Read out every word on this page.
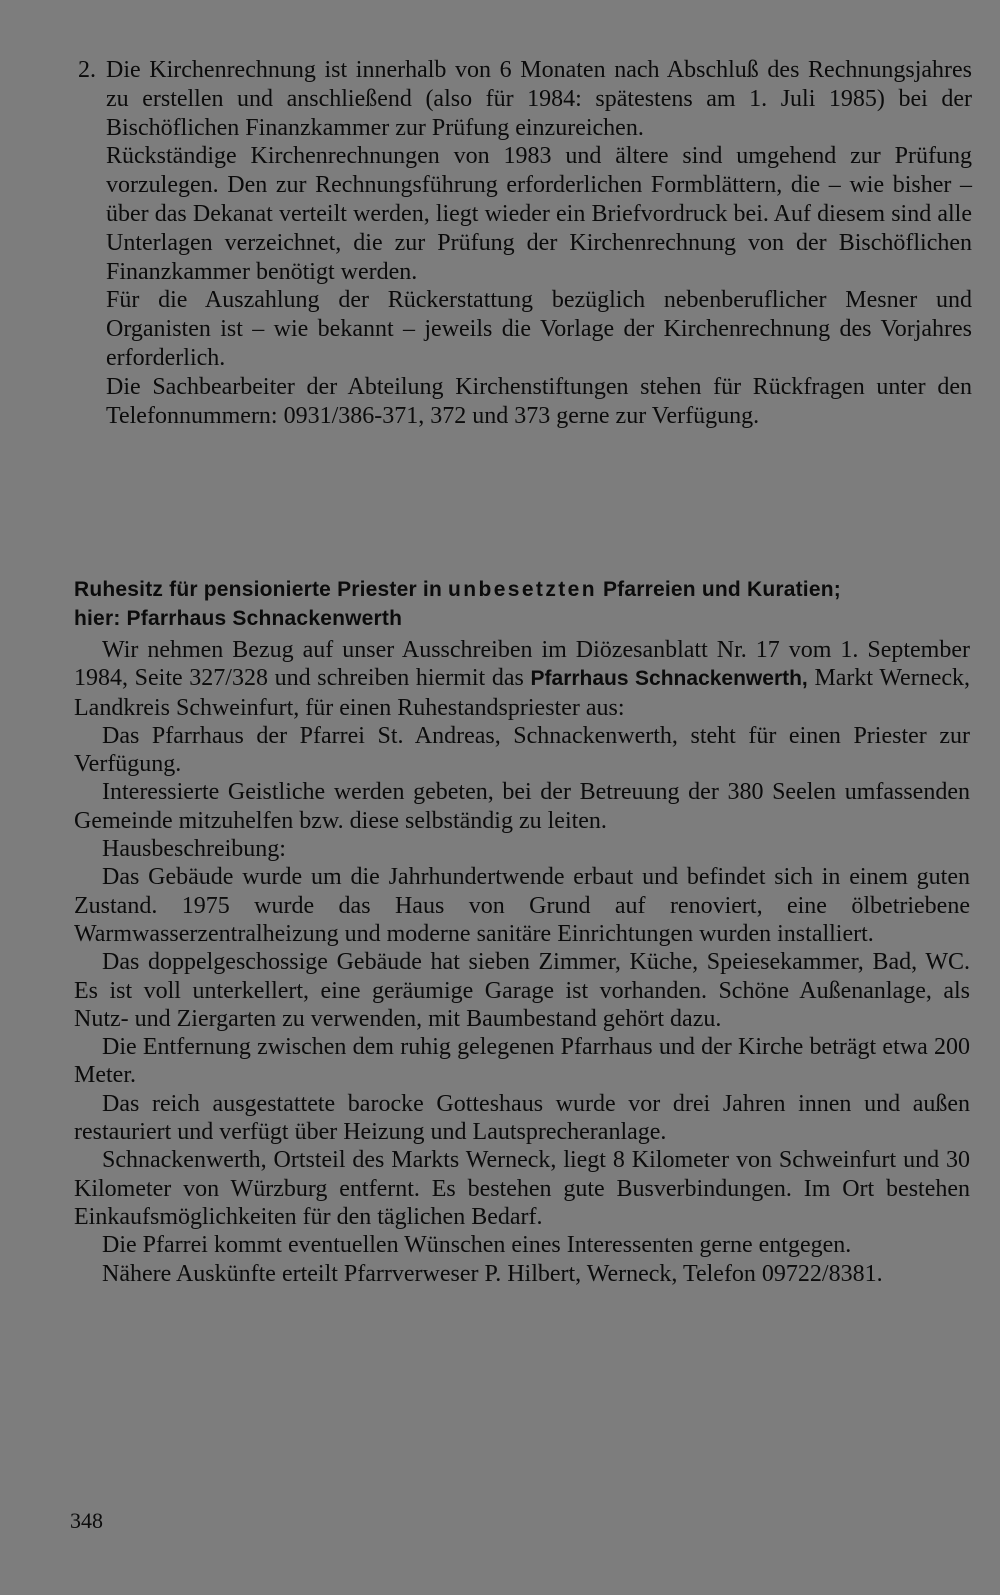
2. Die Kirchenrechnung ist innerhalb von 6 Monaten nach Abschluß des Rechnungsjahres zu erstellen und anschließend (also für 1984: spätestens am 1. Juli 1985) bei der Bischöflichen Finanzkammer zur Prüfung einzureichen.

Rückständige Kirchenrechnungen von 1983 und ältere sind umgehend zur Prüfung vorzulegen. Den zur Rechnungsführung erforderlichen Formblättern, die – wie bisher – über das Dekanat verteilt werden, liegt wieder ein Briefvordruck bei. Auf diesem sind alle Unterlagen verzeichnet, die zur Prüfung der Kirchenrechnung von der Bischöflichen Finanzkammer benötigt werden.

Für die Auszahlung der Rückerstattung bezüglich nebenberuflicher Mesner und Organisten ist – wie bekannt – jeweils die Vorlage der Kirchenrechnung des Vorjahres erforderlich.

Die Sachbearbeiter der Abteilung Kirchenstiftungen stehen für Rückfragen unter den Telefonnummern: 0931/386-371, 372 und 373 gerne zur Verfügung.

Ruhesitz für pensionierte Priester in unbesetzten Pfarreien und Kuratien;

hier: Pfarrhaus Schnackenwerth

Wir nehmen Bezug auf unser Ausschreiben im Diözesanblatt Nr. 17 vom 1. September 1984, Seite 327/328 und schreiben hiermit das Pfarrhaus Schnackenwerth, Markt Werneck, Landkreis Schweinfurt, für einen Ruhestandspriester aus:

Das Pfarrhaus der Pfarrei St. Andreas, Schnackenwerth, steht für einen Priester zur Verfügung.

Interessierte Geistliche werden gebeten, bei der Betreuung der 380 Seelen umfassenden Gemeinde mitzuhelfen bzw. diese selbständig zu leiten.

Hausbeschreibung:

Das Gebäude wurde um die Jahrhundertwende erbaut und befindet sich in einem guten Zustand. 1975 wurde das Haus von Grund auf renoviert, eine ölbetriebene Warmwasserzentralheizung und moderne sanitäre Einrichtungen wurden installiert.

Das doppelgeschossige Gebäude hat sieben Zimmer, Küche, Speiesekammer, Bad, WC. Es ist voll unterkellert, eine geräumige Garage ist vorhanden. Schöne Außenanlage, als Nutz- und Ziergarten zu verwenden, mit Baumbestand gehört dazu.

Die Entfernung zwischen dem ruhig gelegenen Pfarrhaus und der Kirche beträgt etwa 200 Meter.

Das reich ausgestattete barocke Gotteshaus wurde vor drei Jahren innen und außen restauriert und verfügt über Heizung und Lautsprecheranlage.

Schnackenwerth, Ortsteil des Markts Werneck, liegt 8 Kilometer von Schweinfurt und 30 Kilometer von Würzburg entfernt. Es bestehen gute Busverbindungen. Im Ort bestehen Einkaufsmöglichkeiten für den täglichen Bedarf.

Die Pfarrei kommt eventuellen Wünschen eines Interessenten gerne entgegen.

Nähere Auskünfte erteilt Pfarrverweser P. Hilbert, Werneck, Telefon 09722/8381.

348
